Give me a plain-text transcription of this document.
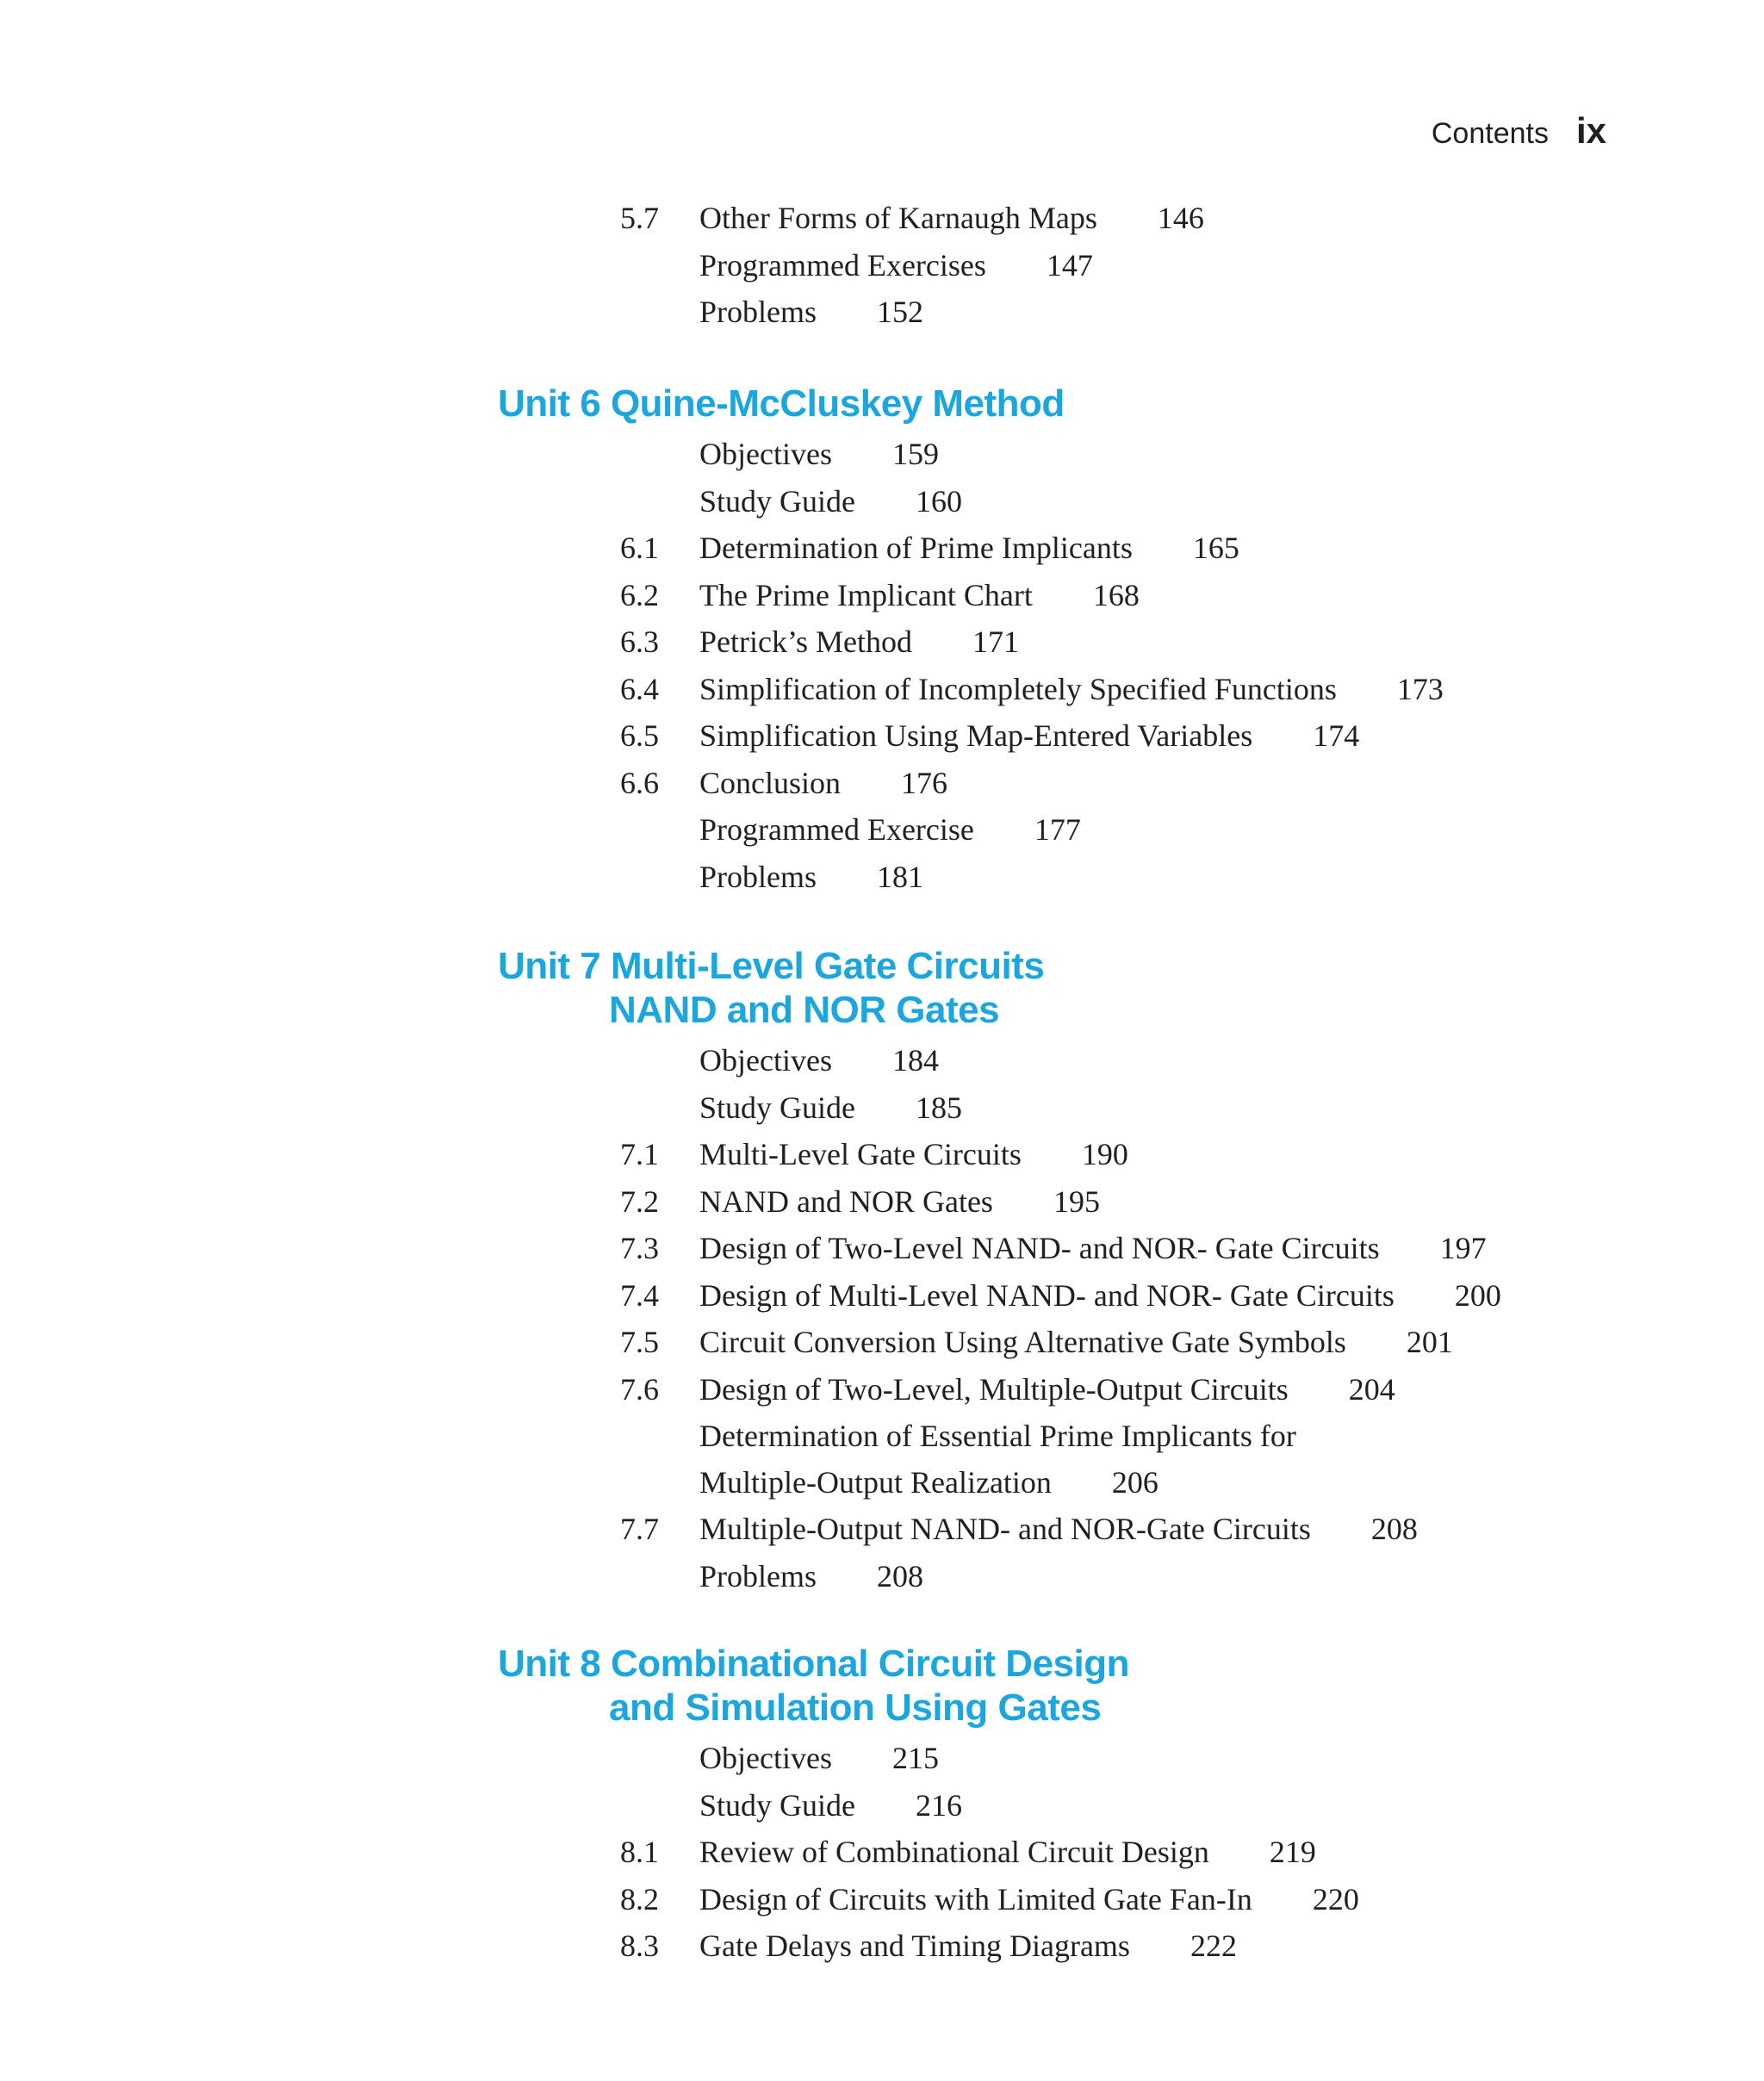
Contents ix
5.7 Other Forms of Karnaugh Maps 146
Programmed Exercises 147
Problems 152
Unit 6 Quine-McCluskey Method
Objectives 159
Study Guide 160
6.1 Determination of Prime Implicants 165
6.2 The Prime Implicant Chart 168
6.3 Petrick’s Method 171
6.4 Simplification of Incompletely Specified Functions 173
6.5 Simplification Using Map-Entered Variables 174
6.6 Conclusion 176
Programmed Exercise 177
Problems 181
Unit 7 Multi-Level Gate Circuits
NAND and NOR Gates
Objectives 184
Study Guide 185
7.1 Multi-Level Gate Circuits 190
7.2 NAND and NOR Gates 195
7.3 Design of Two-Level NAND- and NOR- Gate Circuits 197
7.4 Design of Multi-Level NAND- and NOR- Gate Circuits 200
7.5 Circuit Conversion Using Alternative Gate Symbols 201
7.6 Design of Two-Level, Multiple-Output Circuits 204
Determination of Essential Prime Implicants for
Multiple-Output Realization 206
7.7 Multiple-Output NAND- and NOR-Gate Circuits 208
Problems 208
Unit 8 Combinational Circuit Design
and Simulation Using Gates
Objectives 215
Study Guide 216
8.1 Review of Combinational Circuit Design 219
8.2 Design of Circuits with Limited Gate Fan-In 220
8.3 Gate Delays and Timing Diagrams 222
